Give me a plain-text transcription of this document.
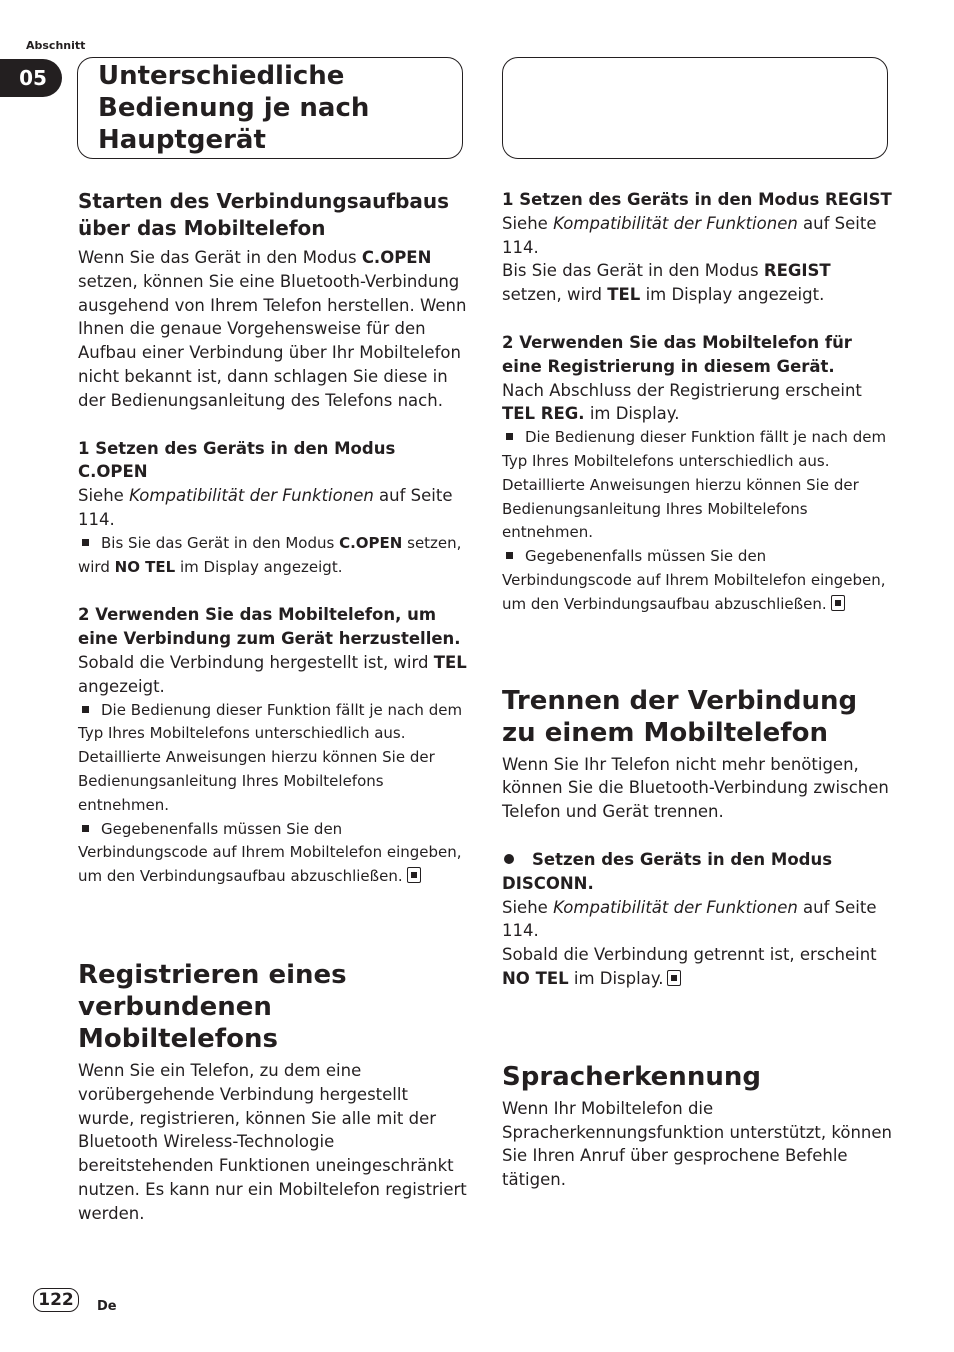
Abschnitt
05	Unterschiedliche
Bedienung je nach
Hauptgerät
Starten des Verbindungsaufbaus über das Mobiltelefon

Wenn Sie das Gerät in den Modus C.OPEN setzen, können Sie eine Bluetooth-Verbindung ausgehend von Ihrem Telefon herstellen. Wenn Ihnen die genaue Vorgehensweise für den Aufbau einer Verbindung über Ihr Mobiltelefon nicht bekannt ist, dann schlagen Sie diese in der Bedienungsanleitung des Telefons nach.

1 Setzen des Geräts in den Modus C.OPEN

Siehe Kompatibilität der Funktionen auf Seite 114.

Bis Sie das Gerät in den Modus C.OPEN setzen, wird NO TEL im Display angezeigt.

2 Verwenden Sie das Mobiltelefon, um eine Verbindung zum Gerät herzustellen.

Sobald die Verbindung hergestellt ist, wird TEL angezeigt.

Die Bedienung dieser Funktion fällt je nach dem Typ Ihres Mobiltelefons unterschiedlich aus. Detaillierte Anweisungen hierzu können Sie der Bedienungsanleitung Ihres Mobiltelefons entnehmen.

Gegebenenfalls müssen Sie den Verbindungscode auf Ihrem Mobiltelefon eingeben, um den Verbindungsaufbau abzuschließen.

Registrieren eines verbundenen Mobiltelefons

Wenn Sie ein Telefon, zu dem eine vorübergehende Verbindung hergestellt wurde, registrieren, können Sie alle mit der Bluetooth Wireless-Technologie bereitstehenden Funktionen uneingeschränkt nutzen. Es kann nur ein Mobiltelefon registriert werden.

1 Setzen des Geräts in den Modus REGIST

Siehe Kompatibilität der Funktionen auf Seite 114.

Bis Sie das Gerät in den Modus REGIST setzen, wird TEL im Display angezeigt.

2 Verwenden Sie das Mobiltelefon für eine Registrierung in diesem Gerät.

Nach Abschluss der Registrierung erscheint TEL REG. im Display.

Die Bedienung dieser Funktion fällt je nach dem Typ Ihres Mobiltelefons unterschiedlich aus. Detaillierte Anweisungen hierzu können Sie der Bedienungsanleitung Ihres Mobiltelefons entnehmen.

Gegebenenfalls müssen Sie den Verbindungscode auf Ihrem Mobiltelefon eingeben, um den Verbindungsaufbau abzuschließen.

Trennen der Verbindung zu einem Mobiltelefon

Wenn Sie Ihr Telefon nicht mehr benötigen, können Sie die Bluetooth-Verbindung zwischen Telefon und Gerät trennen.

Setzen des Geräts in den Modus DISCONN.

Siehe Kompatibilität der Funktionen auf Seite 114.

Sobald die Verbindung getrennt ist, erscheint NO TEL im Display.

Spracherkennung

Wenn Ihr Mobiltelefon die Spracherkennungsfunktion unterstützt, können Sie Ihren Anruf über gesprochene Befehle tätigen.

122	De
